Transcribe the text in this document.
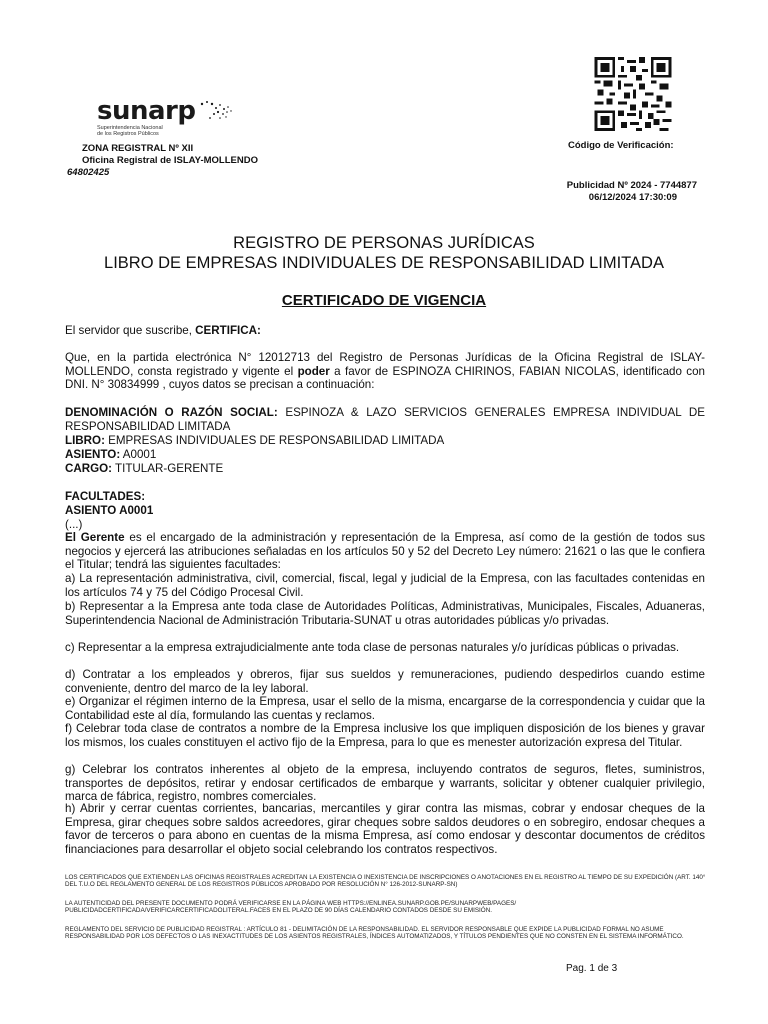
sunarp
Superintendencia Nacional
de los Registros Públicos
ZONA REGISTRAL Nº XII
Oficina Registral de ISLAY-MOLLENDO
64802425
Código de Verificación:
Publicidad Nº 2024 - 7744877
06/12/2024 17:30:09
REGISTRO DE PERSONAS JURÍDICAS
LIBRO DE EMPRESAS INDIVIDUALES DE RESPONSABILIDAD LIMITADA
CERTIFICADO DE VIGENCIA
El servidor que suscribe, CERTIFICA:
Que, en la partida electrónica N° 12012713 del Registro de Personas Jurídicas de la Oficina Registral de ISLAY-MOLLENDO, consta registrado y vigente el poder a favor de ESPINOZA CHIRINOS, FABIAN NICOLAS, identificado con DNI. N° 30834999 , cuyos datos se precisan a continuación:
DENOMINACIÓN O RAZÓN SOCIAL: ESPINOZA & LAZO SERVICIOS GENERALES EMPRESA INDIVIDUAL DE RESPONSABILIDAD LIMITADA
LIBRO: EMPRESAS INDIVIDUALES DE RESPONSABILIDAD LIMITADA
ASIENTO: A0001
CARGO: TITULAR-GERENTE
FACULTADES:
ASIENTO A0001
(...)
El Gerente es el encargado de la administración y representación de la Empresa, así como de la gestión de todos sus negocios y ejercerá las atribuciones señaladas en los artículos 50 y 52 del Decreto Ley número: 21621 o las que le confiera el Titular; tendrá las siguientes facultades:
a) La representación administrativa, civil, comercial, fiscal, legal y judicial de la Empresa, con las facultades contenidas en los artículos 74 y 75 del Código Procesal Civil.
b) Representar a la Empresa ante toda clase de Autoridades Políticas, Administrativas, Municipales, Fiscales, Aduaneras, Superintendencia Nacional de Administración Tributaria-SUNAT u otras autoridades públicas y/o privadas.
c) Representar a la empresa extrajudicialmente ante toda clase de personas naturales y/o jurídicas públicas o privadas.
d) Contratar a los empleados y obreros, fijar sus sueldos y remuneraciones, pudiendo despedirlos cuando estime conveniente, dentro del marco de la ley laboral.
e) Organizar el régimen interno de la Empresa, usar el sello de la misma, encargarse de la correspondencia y cuidar que la Contabilidad este al día, formulando las cuentas y reclamos.
f) Celebrar toda clase de contratos a nombre de la Empresa inclusive los que impliquen disposición de los bienes y gravar los mismos, los cuales constituyen el activo fijo de la Empresa, para lo que es menester autorización expresa del Titular.
g) Celebrar los contratos inherentes al objeto de la empresa, incluyendo contratos de seguros, fletes, suministros, transportes de depósitos, retirar y endosar certificados de embarque y warrants, solicitar y obtener cualquier privilegio, marca de fábrica, registro, nombres comerciales.
h) Abrir y cerrar cuentas corrientes, bancarias, mercantiles y girar contra las mismas, cobrar y endosar cheques de la Empresa, girar cheques sobre saldos acreedores, girar cheques sobre saldos deudores o en sobregiro, endosar cheques a favor de terceros o para abono en cuentas de la misma Empresa, así como endosar y descontar documentos de créditos financiaciones para desarrollar el objeto social celebrando los contratos respectivos.
LOS CERTIFICADOS QUE EXTIENDEN LAS OFICINAS REGISTRALES ACREDITAN LA EXISTENCIA O INEXISTENCIA DE INSCRIPCIONES O ANOTACIONES EN EL REGISTRO AL TIEMPO DE SU EXPEDICIÓN (ART. 140° DEL T.U.O DEL REGLAMENTO GENERAL DE LOS REGISTROS PÚBLICOS APROBADO POR RESOLUCIÓN N° 126-2012-SUNARP-SN)
LA AUTENTICIDAD DEL PRESENTE DOCUMENTO PODRÁ VERIFICARSE EN LA PÁGINA WEB HTTPS://ENLINEA.SUNARP.GOB.PE/SUNARPWEB/PAGES/ PUBLICIDADCERTIFICADA/VERIFICARCERTIFICADOLITERAL.FACES EN EL PLAZO DE 90 DÍAS CALENDARIO CONTADOS DESDE SU EMISIÓN.
REGLAMENTO DEL SERVICIO DE PUBLICIDAD REGISTRAL : ARTÍCULO 81 - DELIMITACIÓN DE LA RESPONSABILIDAD. EL SERVIDOR RESPONSABLE QUE EXPIDE LA PUBLICIDAD FORMAL NO ASUME RESPONSABILIDAD POR LOS DEFECTOS O LAS INEXACTITUDES DE LOS ASIENTOS REGISTRALES, ÍNDICES AUTOMATIZADOS, Y TÍTULOS PENDIENTES QUE NO CONSTEN EN EL SISTEMA INFORMÁTICO.
Pag. 1 de 3
